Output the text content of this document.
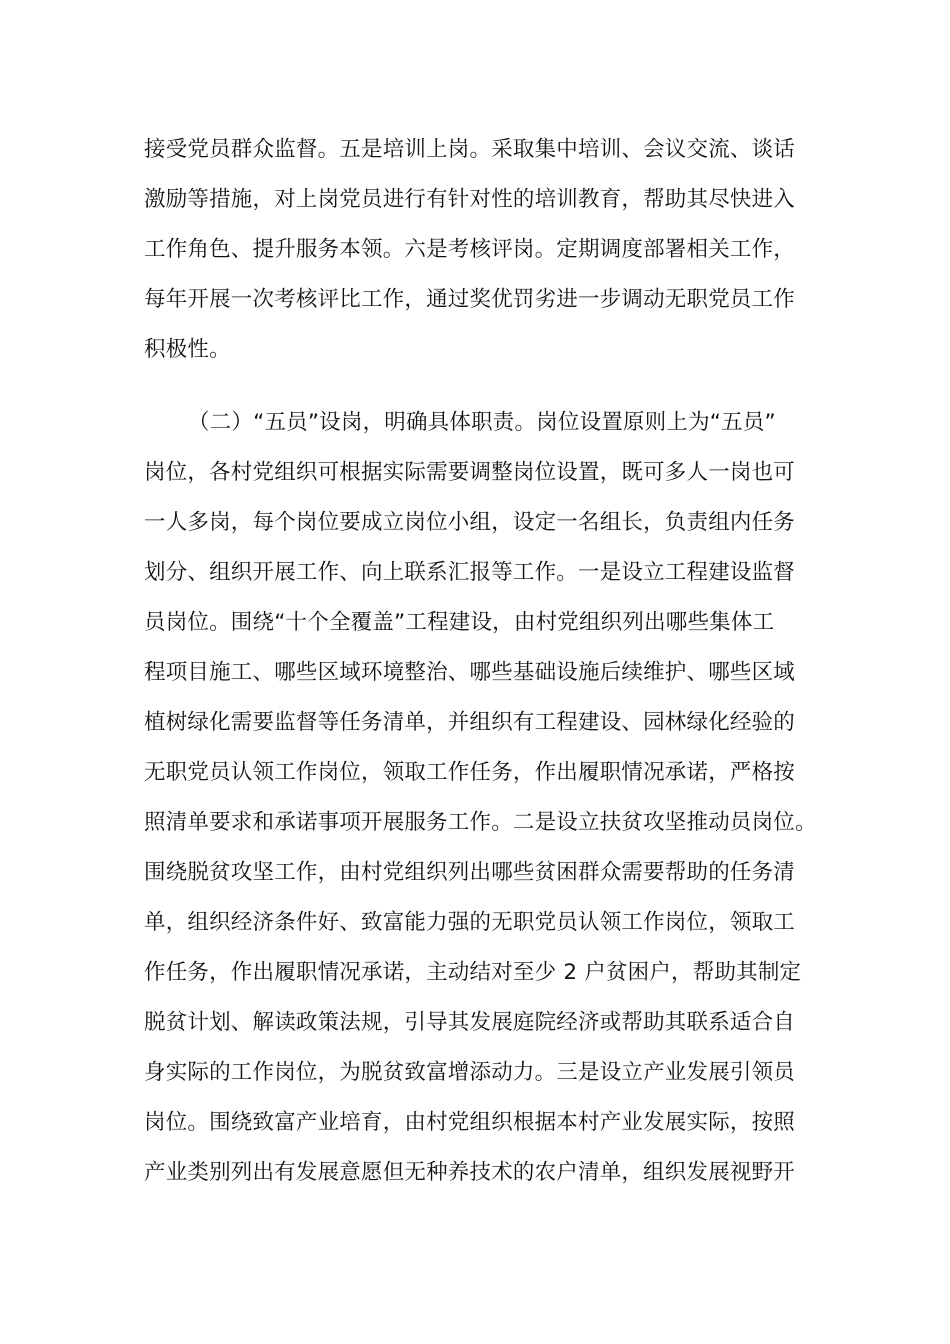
接受党员群众监督。五是培训上岗。采取集中培训、会议交流、谈话
激励等措施，对上岗党员进行有针对性的培训教育，帮助其尽快进入
工作角色、提升服务本领。六是考核评岗。定期调度部署相关工作，
每年开展一次考核评比工作，通过奖优罚劣进一步调动无职党员工作
积极性。
（二）“五员”设岗，明确具体职责。岗位设置原则上为“五员”
岗位，各村党组织可根据实际需要调整岗位设置，既可多人一岗也可
一人多岗，每个岗位要成立岗位小组，设定一名组长，负责组内任务
划分、组织开展工作、向上联系汇报等工作。一是设立工程建设监督
员岗位。围绕“十个全覆盖”工程建设，由村党组织列出哪些集体工
程项目施工、哪些区域环境整治、哪些基础设施后续维护、哪些区域
植树绿化需要监督等任务清单，并组织有工程建设、园林绿化经验的
无职党员认领工作岗位，领取工作任务，作出履职情况承诺，严格按
照清单要求和承诺事项开展服务工作。二是设立扶贫攻坚推动员岗位。
围绕脱贫攻坚工作，由村党组织列出哪些贫困群众需要帮助的任务清
单，组织经济条件好、致富能力强的无职党员认领工作岗位，领取工
作任务，作出履职情况承诺，主动结对至少 2 户贫困户，帮助其制定
脱贫计划、解读政策法规，引导其发展庭院经济或帮助其联系适合自
身实际的工作岗位，为脱贫致富增添动力。三是设立产业发展引领员
岗位。围绕致富产业培育，由村党组织根据本村产业发展实际，按照
产业类别列出有发展意愿但无种养技术的农户清单，组织发展视野开
